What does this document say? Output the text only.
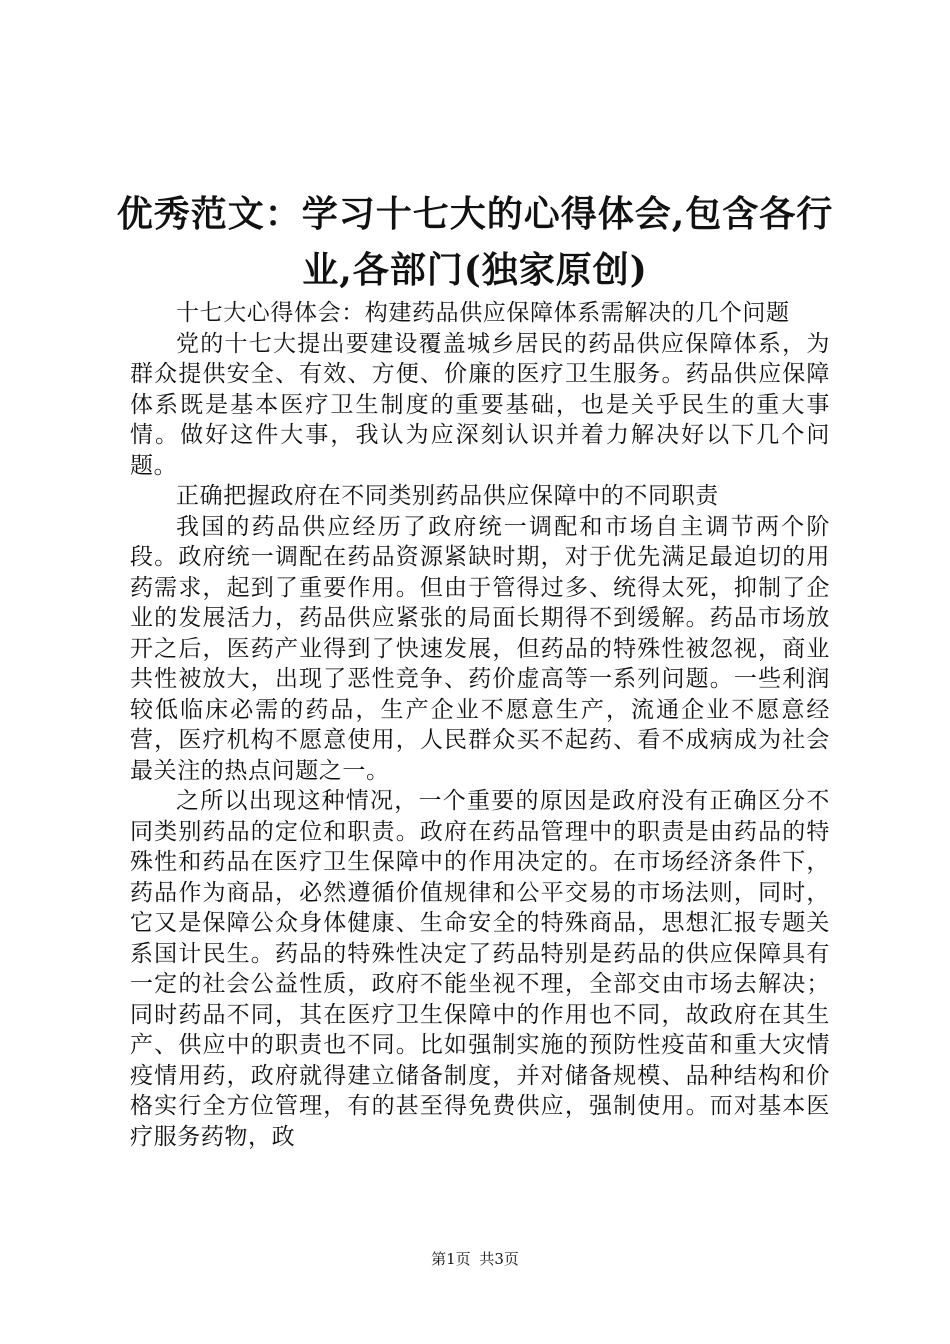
优秀范文：学习十七大的心得体会,包含各行业,各部门(独家原创)

十七大心得体会：构建药品供应保障体系需解决的几个问题

党的十七大提出要建设覆盖城乡居民的药品供应保障体系，为群众提供安全、有效、方便、价廉的医疗卫生服务。药品供应保障体系既是基本医疗卫生制度的重要基础，也是关乎民生的重大事情。做好这件大事，我认为应深刻认识并着力解决好以下几个问题。

正确把握政府在不同类别药品供应保障中的不同职责

我国的药品供应经历了政府统一调配和市场自主调节两个阶段。政府统一调配在药品资源紧缺时期，对于优先满足最迫切的用药需求，起到了重要作用。但由于管得过多、统得太死，抑制了企业的发展活力，药品供应紧张的局面长期得不到缓解。药品市场放开之后，医药产业得到了快速发展，但药品的特殊性被忽视，商业共性被放大，出现了恶性竞争、药价虚高等一系列问题。一些利润较低临床必需的药品，生产企业不愿意生产，流通企业不愿意经营，医疗机构不愿意使用，人民群众买不起药、看不成病成为社会最关注的热点问题之一。

之所以出现这种情况，一个重要的原因是政府没有正确区分不同类别药品的定位和职责。政府在药品管理中的职责是由药品的特殊性和药品在医疗卫生保障中的作用决定的。在市场经济条件下，药品作为商品，必然遵循价值规律和公平交易的市场法则，同时，它又是保障公众身体健康、生命安全的特殊商品，思想汇报专题关系国计民生。药品的特殊性决定了药品特别是药品的供应保障具有一定的社会公益性质，政府不能坐视不理，全部交由市场去解决；同时药品不同，其在医疗卫生保障中的作用也不同，故政府在其生产、供应中的职责也不同。比如强制实施的预防性疫苗和重大灾情疫情用药，政府就得建立储备制度，并对储备规模、品种结构和价格实行全方位管理，有的甚至得免费供应，强制使用。而对基本医疗服务药物，政

第1页 共3页
